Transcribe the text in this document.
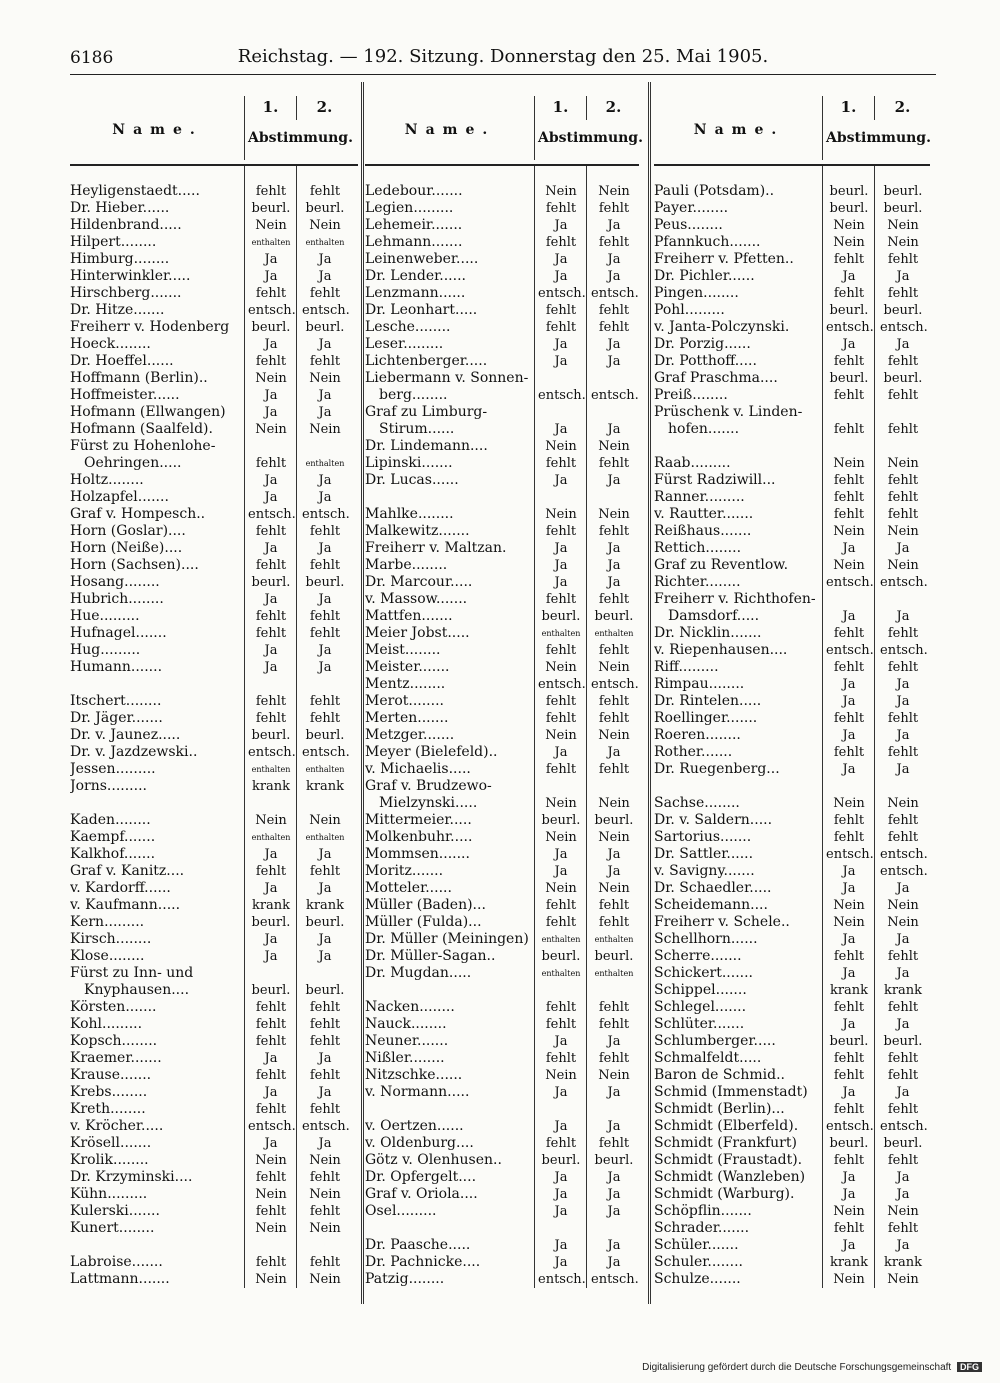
6186	Reichstag. — 192. Sitzung. Donnerstag den 25. Mai 1905.
Name.
1.	2.
Abstimmung.
Heyligenstaedt.....	fehlt	fehlt
Dr. Hieber......	beurl. beurl.
Hildenbrand.....	Nein	Nein
Hilpert........	enthalten	enthalten
Himburg........	Ja	Ja
Hinterwinkler.....	Ja	Ja
Hirschberg.......	fehlt	fehlt
Dr. Hitze.......	entsch. entsch.
Freiherr v. Hodenberg	beurl. beurl.
Hoeck........	Ja	Ja
Dr. Hoeffel......	fehlt	fehlt
Hoffmann (Berlin)..	Nein	Nein
Hoffmeister......	Ja	Ja
Hofmann (Ellwangen)	Ja	Ja
Hofmann (Saalfeld).	Nein	Nein
Fürst zu Hohenlohe-
Oehringen.....	fehlt	enthalten
Holtz........	Ja	Ja
Holzapfel.......	Ja	Ja
Graf v. Hompesch..	entsch. entsch.
Horn (Goslar)....	fehlt	fehlt
Horn (Neiße)....	Ja	Ja
Horn (Sachsen)....	fehlt	fehlt
Hosang........	beurl. beurl.
Hubrich........	Ja	Ja
Hue.........	fehlt	fehlt
Hufnagel.......	fehlt	fehlt
Hug.........	Ja	Ja
Humann.......	Ja	Ja
Itschert........	fehlt	fehlt
Dr. Jäger.......	fehlt	fehlt
Dr. v. Jaunez.....	beurl. beurl.
Dr. v. Jazdzewski..	entsch. entsch.
Jessen.........	enthalten	enthalten
Jorns.........	krank	krank
Kaden........	Nein	Nein
Kaempf.......	enthalten	enthalten
Kalkhof.......	Ja	Ja
Graf v. Kanitz....	fehlt	fehlt
v. Kardorff......	Ja	Ja
v. Kaufmann.....	krank	krank
Kern.........	beurl. beurl.
Kirsch........	Ja	Ja
Klose........	Ja	Ja
Fürst zu Inn- und
Knyphausen....	beurl. beurl.
Körsten.......	fehlt	fehlt
Kohl.........	fehlt	fehlt
Kopsch........	fehlt	fehlt
Kraemer.......	Ja	Ja
Krause.......	fehlt	fehlt
Krebs........	Ja	Ja
Kreth........	fehlt	fehlt
v. Kröcher.....	entsch. entsch.
Krösell.......	Ja	Ja
Krolik........	Nein	Nein
Dr. Krzyminski....	fehlt	fehlt
Kühn.........	Nein	Nein
Kulerski.......	fehlt	fehlt
Kunert........	Nein	Nein
Labroise.......	fehlt	fehlt
Lattmann.......	Nein	Nein
Name.
1.	2.
Abstimmung.
Ledebour.......	Nein	Nein
Legien.........	fehlt	fehlt
Lehemeir.......	Ja	Ja
Lehmann.......	fehlt	fehlt
Leinenweber.....	Ja	Ja
Dr. Lender......	Ja	Ja
Lenzmann......	entsch. entsch.
Dr. Leonhart.....	fehlt	fehlt
Lesche........	fehlt	fehlt
Leser.........	Ja	Ja
Lichtenberger.....	Ja	Ja
Liebermann v. Sonnen-
berg........	entsch. entsch.
Graf zu Limburg-
Stirum......	Ja	Ja
Dr. Lindemann....	Nein	Nein
Lipinski.......	fehlt	fehlt
Dr. Lucas......	Ja	Ja
Mahlke........	Nein	Nein
Malkewitz.......	fehlt	fehlt
Freiherr v. Maltzan.	Ja	Ja
Marbe........	Ja	Ja
Dr. Marcour.....	Ja	Ja
v. Massow.......	fehlt	fehlt
Mattfen.......	beurl. beurl.
Meier Jobst.....	enthalten	enthalten
Meist........	fehlt	fehlt
Meister.......	Nein	Nein
Mentz........	entsch. entsch.
Merot........	fehlt	fehlt
Merten.......	fehlt	fehlt
Metzger.......	Nein	Nein
Meyer (Bielefeld)..	Ja	Ja
v. Michaelis.....	fehlt	fehlt
Graf v. Brudzewo-
Mielzynski.....	Nein	Nein
Mittermeier.....	beurl. beurl.
Molkenbuhr.....	Nein	Nein
Mommsen.......	Ja	Ja
Moritz.......	Ja	Ja
Motteler......	Nein	Nein
Müller (Baden)...	fehlt	fehlt
Müller (Fulda)...	fehlt	fehlt
Dr. Müller (Meiningen)	enthalten	enthalten
Dr. Müller-Sagan..	beurl. beurl.
Dr. Mugdan.....	enthalten	enthalten
Nacken........	fehlt	fehlt
Nauck........	fehlt	fehlt
Neuner.......	Ja	Ja
Nißler........	fehlt	fehlt
Nitzschke......	Nein	Nein
v. Normann.....	Ja	Ja
v. Oertzen......	Ja	Ja
v. Oldenburg....	fehlt	fehlt
Götz v. Olenhusen..	beurl. beurl.
Dr. Opfergelt....	Ja	Ja
Graf v. Oriola....	Ja	Ja
Osel.........	Ja	Ja
Dr. Paasche.....	Ja	Ja
Dr. Pachnicke....	Ja	Ja
Patzig........	entsch. entsch.
Name.
1.	2.
Abstimmung.
Pauli (Potsdam)..	beurl. beurl.
Payer........	beurl. beurl.
Peus........	Nein	Nein
Pfannkuch.......	Nein	Nein
Freiherr v. Pfetten..	fehlt	fehlt
Dr. Pichler......	Ja	Ja
Pingen........	fehlt	fehlt
Pohl.........	beurl. beurl.
v. Janta-Polczynski.	entsch. entsch.
Dr. Porzig......	Ja	Ja
Dr. Potthoff.....	fehlt	fehlt
Graf Praschma....	beurl. beurl.
Preiß........	fehlt	fehlt
Prüschenk v. Linden-
hofen.......	fehlt	fehlt
Raab.........	Nein	Nein
Fürst Radziwill...	fehlt	fehlt
Ranner.........	fehlt	fehlt
v. Rautter.......	fehlt	fehlt
Reißhaus.......	Nein	Nein
Rettich........	Ja	Ja
Graf zu Reventlow.	Nein	Nein
Richter........	entsch. entsch.
Freiherr v. Richthofen-
Damsdorf.....	Ja	Ja
Dr. Nicklin.......	fehlt	fehlt
v. Riepenhausen....	entsch. entsch.
Riff.........	fehlt	fehlt
Rimpau........	Ja	Ja
Dr. Rintelen.....	Ja	Ja
Roellinger.......	fehlt	fehlt
Roeren........	Ja	Ja
Rother.......	fehlt	fehlt
Dr. Ruegenberg...	Ja	Ja
Sachse........	Nein	Nein
Dr. v. Saldern.....	fehlt	fehlt
Sartorius.......	fehlt	fehlt
Dr. Sattler......	entsch. entsch.
v. Savigny.......	Ja	entsch.
Dr. Schaedler.....	Ja	Ja
Scheidemann....	Nein	Nein
Freiherr v. Schele..	Nein	Nein
Schellhorn......	Ja	Ja
Scherre.......	fehlt	fehlt
Schickert.......	Ja	Ja
Schippel.......	krank	krank
Schlegel.......	fehlt	fehlt
Schlüter.......	Ja	Ja
Schlumberger.....	beurl. beurl.
Schmalfeldt.....	fehlt	fehlt
Baron de Schmid..	fehlt	fehlt
Schmid (Immenstadt)	Ja	Ja
Schmidt (Berlin)...	fehlt	fehlt
Schmidt (Elberfeld).	entsch. entsch.
Schmidt (Frankfurt)	beurl. beurl.
Schmidt (Fraustadt).	fehlt	fehlt
Schmidt (Wanzleben)	Ja	Ja
Schmidt (Warburg).	Ja	Ja
Schöpflin.......	Nein	Nein
Schrader.......	fehlt	fehlt
Schüler.......	Ja	Ja
Schuler........	krank	krank
Schulze.......	Nein	Nein
Digitalisierung gefördert durch die Deutsche Forschungsgemeinschaft DFG
